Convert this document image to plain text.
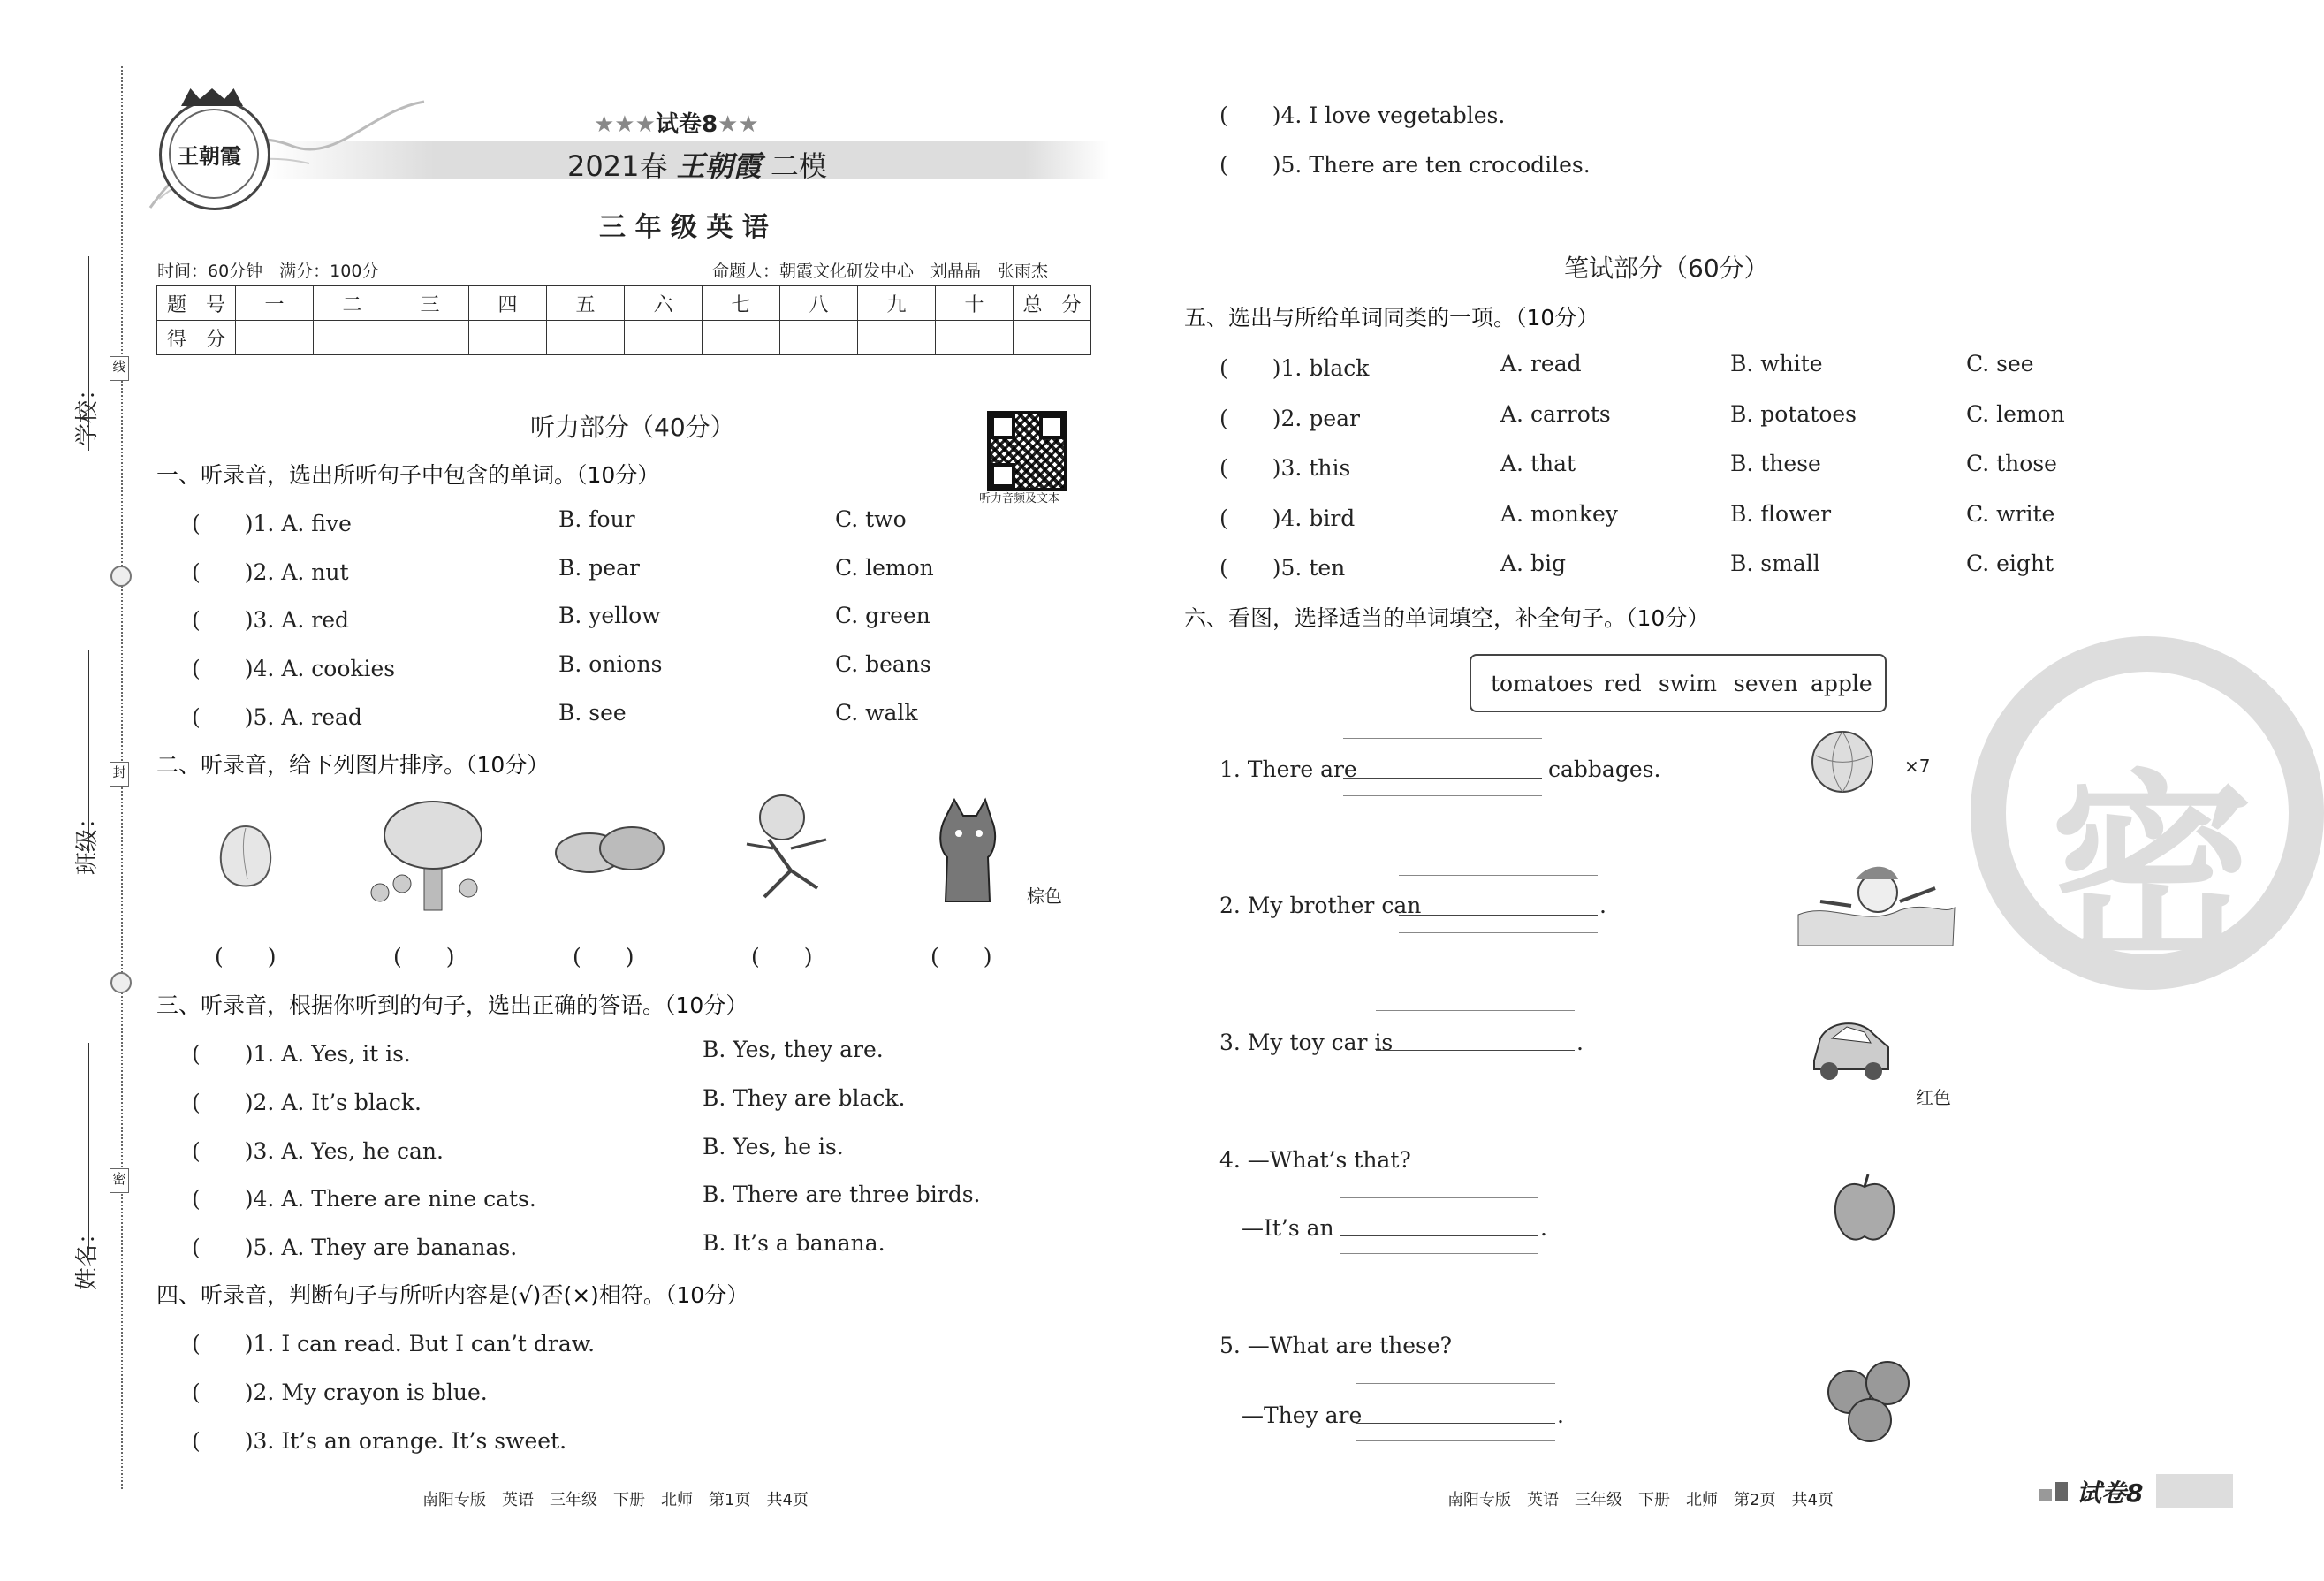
学校：
班级：
姓名：
线
封
密
王朝霞
★★★试卷8★★
2021春 王朝霞 二模
三 年 级 英 语
时间：60分钟　满分：100分	命题人：朝霞文化研发中心　刘晶晶　张雨杰
题　号	一	二	三	四	五	六	七	八	九	十	总　分
得　分											
听力部分（40分）
听力音频及文本
一、听录音，选出所听句子中包含的单词。（10分）
(　　)1. A. five	B. four	C. two
(　　)2. A. nut	B. pear	C. lemon
(　　)3. A. red	B. yellow	C. green
(　　)4. A. cookies	B. onions	C. beans
(　　)5. A. read	B. see	C. walk
二、听录音，给下列图片排序。（10分）
棕色
(　　)	(　　)	(　　)	(　　)	(　　)
三、听录音，根据你听到的句子，选出正确的答语。（10分）
(　　)1. A. Yes, it is.	B. Yes, they are.
(　　)2. A. It’s black.	B. They are black.
(　　)3. A. Yes, he can.	B. Yes, he is.
(　　)4. A. There are nine cats.	B. There are three birds.
(　　)5. A. They are bananas.	B. It’s a banana.
四、听录音，判断句子与所听内容是(√)否(×)相符。（10分）
(　　)1. I can read. But I can’t draw.
(　　)2. My crayon is blue.
(　　)3. It’s an orange. It’s sweet.
(　　)4. I love vegetables.
(　　)5. There are ten crocodiles.
笔试部分（60分）
五、选出与所给单词同类的一项。（10分）
(　　)1. black	A. read	B. white	C. see
(　　)2. pear	A. carrots	B. potatoes	C. lemon
(　　)3. this	A. that	B. these	C. those
(　　)4. bird	A. monkey	B. flower	C. write
(　　)5. ten	A. big	B. small	C. eight
六、看图，选择适当的单词填空，补全句子。（10分）
tomatoes red swim seven apple
1. There are	cabbages.	×7
2. My brother can	.
3. My toy car is	.
红色
4. —What’s that?
—It’s an	.
5. —What are these?
—They are	.
密
南阳专版　英语　三年级　下册　北师　第1页　共4页	南阳专版　英语　三年级　下册　北师　第2页　共4页	试卷8
